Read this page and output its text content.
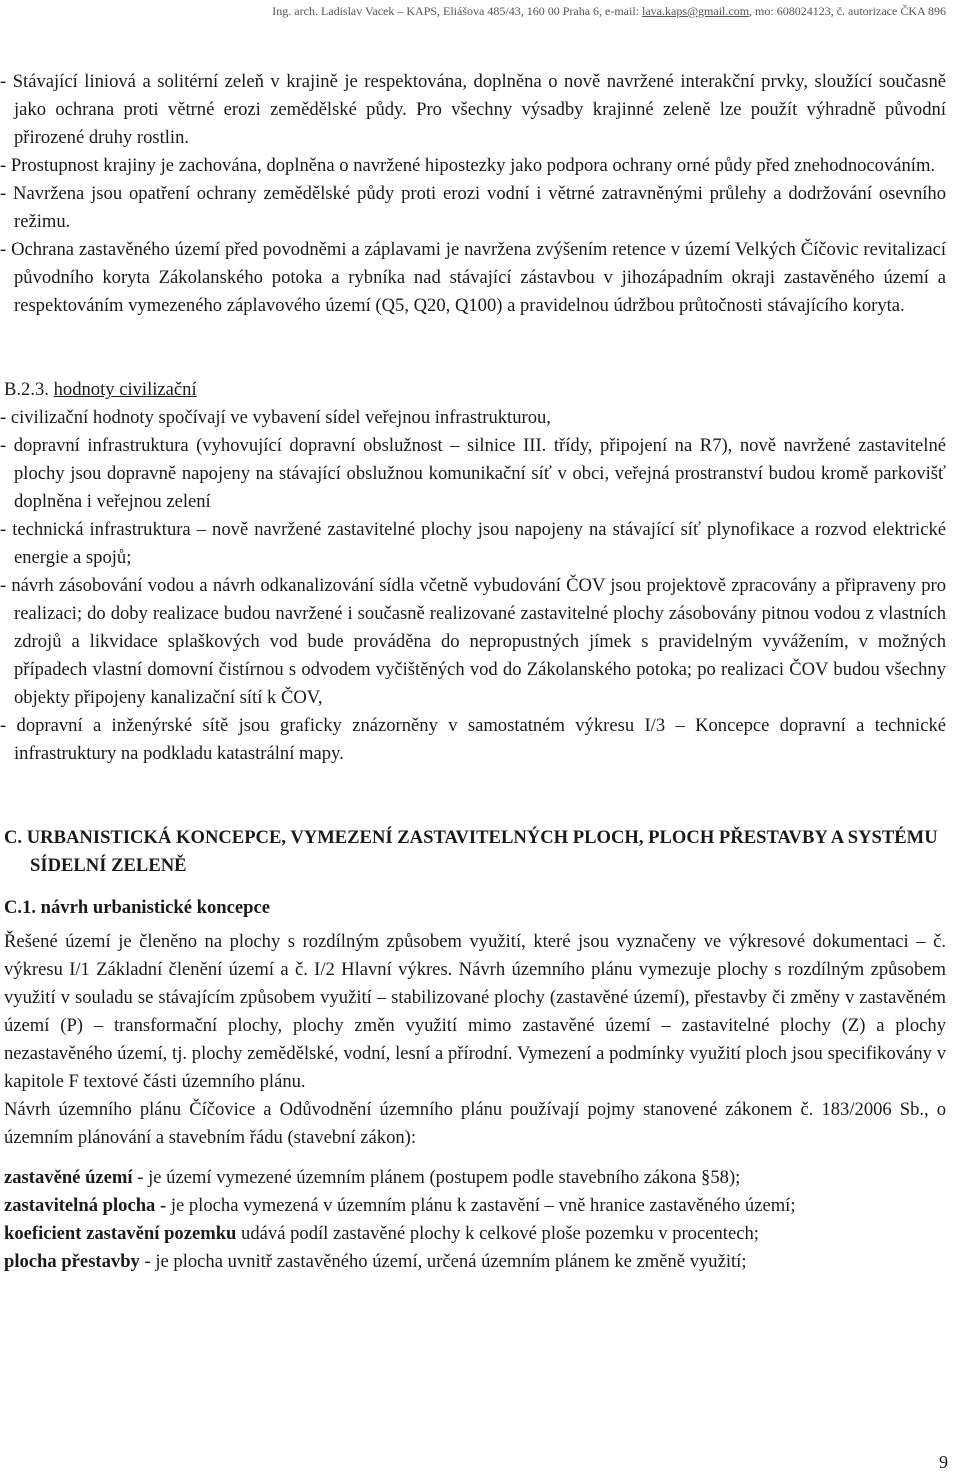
Ing. arch. Ladislav Vacek – KAPS, Eliášova 485/43, 160 00 Praha 6, e-mail: lava.kaps@gmail.com, mo: 608024123, č. autorizace ČKA 896

- Stávající liniová a solitérní zeleň v krajině je respektována, doplněna o nově navržené interakční prvky, sloužící současně jako ochrana proti větrné erozi zemědělské půdy. Pro všechny výsadby krajinné zeleně lze použít výhradně původní přirozené druhy rostlin.

- Prostupnost krajiny je zachována, doplněna o navržené hipostezky jako podpora ochrany orné půdy před znehodnocováním.

- Navržena jsou opatření ochrany zemědělské půdy proti erozi vodní i větrné zatravněnými průlehy a dodržování osevního režimu.

- Ochrana zastavěného území před povodněmi a záplavami je navržena zvýšením retence v území Velkých Číčovic revitalizací původního koryta Zákolanského potoka a rybníka nad stávající zástavbou v jihozápadním okraji zastavěného území a respektováním vymezeného záplavového území (Q5, Q20, Q100) a pravidelnou údržbou průtočnosti stávajícího koryta.

B.2.3. hodnoty civilizační

- civilizační hodnoty spočívají ve vybavení sídel veřejnou infrastrukturou,

- dopravní infrastruktura (vyhovující dopravní obslužnost – silnice III. třídy, připojení na R7), nově navržené zastavitelné plochy jsou dopravně napojeny na stávající obslužnou komunikační síť v obci, veřejná prostranství budou kromě parkovišť doplněna i veřejnou zelení

- technická infrastruktura – nově navržené zastavitelné plochy jsou napojeny na stávající síť plynofikace a rozvod elektrické energie a spojů;

- návrh zásobování vodou a návrh odkanalizování sídla včetně vybudování ČOV jsou projektově zpracovány a připraveny pro realizaci; do doby realizace budou navržené i současně realizované zastavitelné plochy zásobovány pitnou vodou z vlastních zdrojů a likvidace splaškových vod bude prováděna do nepropustných jímek s pravidelným vyvážením, v možných případech vlastní domovní čistírnou s odvodem vyčištěných vod do Zákolanského potoka; po realizaci ČOV budou všechny objekty připojeny kanalizační sítí k ČOV,

- dopravní a inženýrské sítě jsou graficky znázorněny v samostatném výkresu I/3 – Koncepce dopravní a technické infrastruktury na podkladu katastrální mapy.

C. URBANISTICKÁ KONCEPCE, VYMEZENÍ ZASTAVITELNÝCH PLOCH, PLOCH PŘESTAVBY A SYSTÉMU SÍDELNÍ ZELENĚ

C.1. návrh urbanistické koncepce

Řešené území je členěno na plochy s rozdílným způsobem využití, které jsou vyznačeny ve výkresové dokumentaci – č. výkresu I/1 Základní členění území a č. I/2 Hlavní výkres. Návrh územního plánu vymezuje plochy s rozdílným způsobem využití v souladu se stávajícím způsobem využití – stabilizované plochy (zastavěné území), přestavby či změny v zastavěném území (P) – transformační plochy, plochy změn využití mimo zastavěné území – zastavitelné plochy (Z) a plochy nezastavěného území, tj. plochy zemědělské, vodní, lesní a přírodní. Vymezení a podmínky využití ploch jsou specifikovány v kapitole F textové části územního plánu.

Návrh územního plánu Číčovice a Odůvodnění územního plánu používají pojmy stanovené zákonem č. 183/2006 Sb., o územním plánování a stavebním řádu (stavební zákon):

zastavěné území - je území vymezené územním plánem (postupem podle stavebního zákona §58);

zastavitelná plocha - je plocha vymezená v územním plánu k zastavění – vně hranice zastavěného území;

koeficient zastavění pozemku udává podíl zastavěné plochy k celkové ploše pozemku v procentech;

plocha přestavby - je plocha uvnitř zastavěného území, určená územním plánem ke změně využití;

9
